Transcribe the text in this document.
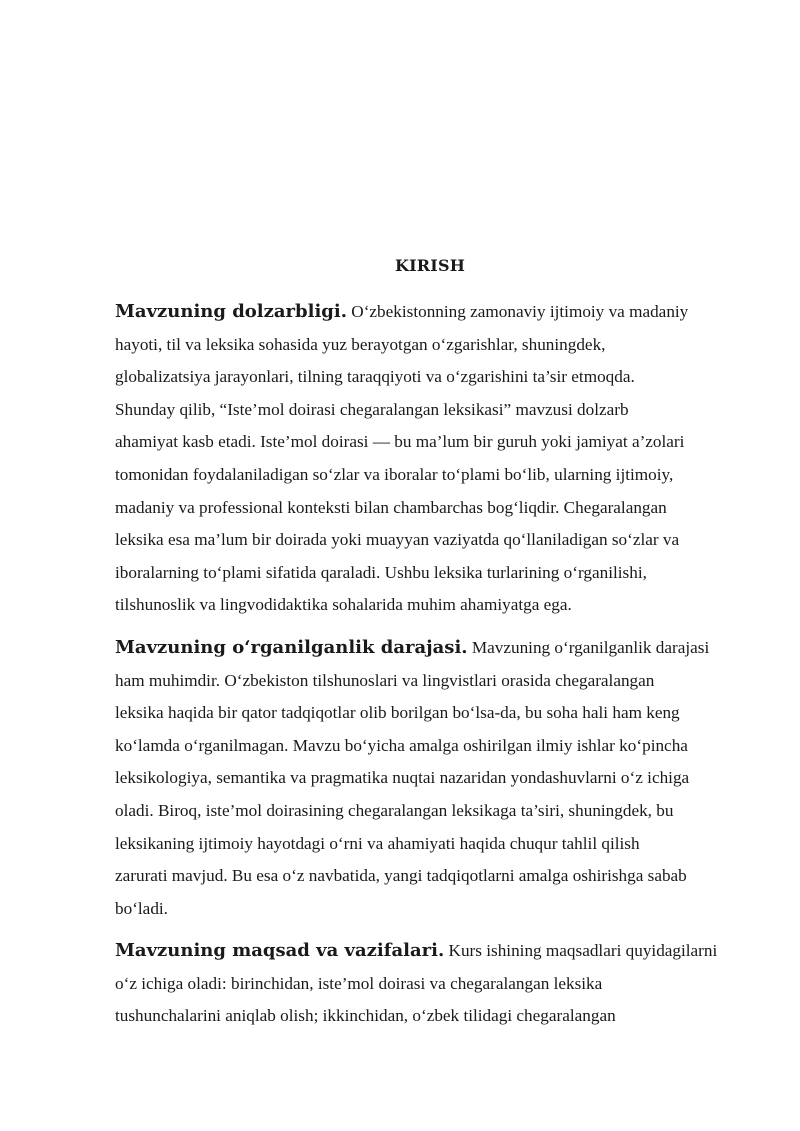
KIRISH
Mavzuning dolzarbligi. O‘zbekistonning zamonaviy ijtimoiy va madaniy
hayoti, til va leksika sohasida yuz berayotgan o‘zgarishlar, shuningdek,
globalizatsiya jarayonlari, tilning taraqqiyoti va o‘zgarishini ta’sir etmoqda.
Shunday qilib, “Iste’mol doirasi chegaralangan leksikasi” mavzusi dolzarb
ahamiyat kasb etadi. Iste’mol doirasi — bu ma’lum bir guruh yoki jamiyat a’zolari
tomonidan foydalaniladigan so‘zlar va iboralar to‘plami bo‘lib, ularning ijtimoiy,
madaniy va professional konteksti bilan chambarchas bog‘liqdir. Chegaralangan
leksika esa ma’lum bir doirada yoki muayyan vaziyatda qo‘llaniladigan so‘zlar va
iboralarning to‘plami sifatida qaraladi. Ushbu leksika turlarining o‘rganilishi,
tilshunoslik va lingvodidaktika sohalarida muhim ahamiyatga ega.
Mavzuning o‘rganilganlik darajasi. Mavzuning o‘rganilganlik darajasi
ham muhimdir. O‘zbekiston tilshunoslari va lingvistlari orasida chegaralangan
leksika haqida bir qator tadqiqotlar olib borilgan bo‘lsa-da, bu soha hali ham keng
ko‘lamda o‘rganilmagan. Mavzu bo‘yicha amalga oshirilgan ilmiy ishlar ko‘pincha
leksikologiya, semantika va pragmatika nuqtai nazaridan yondashuvlarni o‘z ichiga
oladi. Biroq, iste’mol doirasining chegaralangan leksikaga ta’siri, shuningdek, bu
leksikaning ijtimoiy hayotdagi o‘rni va ahamiyati haqida chuqur tahlil qilish
zarurati mavjud. Bu esa o‘z navbatida, yangi tadqiqotlarni amalga oshirishga sabab
bo‘ladi.
Mavzuning maqsad va vazifalari. Kurs ishining maqsadlari quyidagilarni
o‘z ichiga oladi: birinchidan, iste’mol doirasi va chegaralangan leksika
tushunchalarini aniqlab olish; ikkinchidan, o‘zbek tilidagi chegaralangan
